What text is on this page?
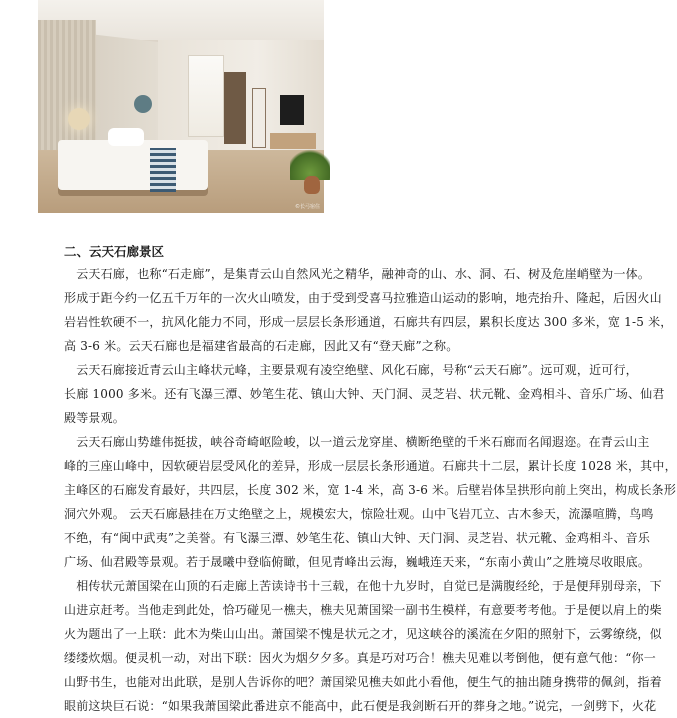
©长弓宿住
二、云天石廊景区

　云天石廊，也称“石走廊”，是集青云山自然风光之精华，融神奇的山、水、洞、石、树及危崖峭壁为一体。
形成于距今约一亿五千万年的一次火山喷发，由于受到受喜马拉雅造山运动的影响，地壳抬升、隆起，后因火山
岩岩性软硬不一，抗风化能力不同，形成一层层长条形通道，石廊共有四层，累积长度达 300 多米，宽 1-5 米，
高 3-6 米。云天石廊也是福建省最高的石走廊，因此又有“登天廊”之称。

　云天石廊接近青云山主峰状元峰，主要景观有凌空绝壁、风化石廊，号称“云天石廊”。远可观，近可行，
长廊 1000 多米。还有飞瀑三潭、妙笔生花、镇山大钟、天门洞、灵芝岩、状元靴、金鸡相斗、音乐广场、仙君
殿等景观。

　云天石廊山势雄伟挺拔，峡谷奇崎岖险峻，以一道云龙穿崖、横断绝壁的千米石廊而名闻遐迩。在青云山主
峰的三座山峰中，因软硬岩层受风化的差异，形成一层层长条形通道。石廊共十二层，累计长度 1028 米，其中，
主峰区的石廊发育最好，共四层，长度 302 米，宽 1-4 米，高 3-6 米。后壁岩体呈拱形向前上突出，构成长条形
洞穴外观。 云天石廊悬挂在万丈绝壁之上，规模宏大，惊险壮观。山中飞岩兀立、古木参天，流瀑喧腾，鸟鸣
不绝，有“闽中武夷”之美誉。有飞瀑三潭、妙笔生花、镇山大钟、天门洞、灵芝岩、状元靴、金鸡相斗、音乐
广场、仙君殿等景观。若于晟曦中登临俯瞰，但见青峰出云海，巍峨连天来，“东南小黄山”之胜境尽收眼底。

　相传状元萧国梁在山顶的石走廊上苦读诗书十三载，在他十九岁时，自觉已是满腹经纶，于是便拜别母亲，下
山进京赶考。当他走到此处，恰巧碰见一樵夫，樵夫见萧国梁一副书生模样，有意要考考他。于是便以肩上的柴
火为题出了一上联：此木为柴山山出。萧国梁不愧是状元之才，见这峡谷的溪流在夕阳的照射下，云雾缭绕，似
缕缕炊烟。便灵机一动，对出下联：因火为烟夕夕多。真是巧对巧合！樵夫见难以考倒他，便有意气他：“你一
山野书生，也能对出此联，是别人告诉你的吧？萧国梁见樵夫如此小看他，便生气的抽出随身携带的佩剑，指着
眼前这块巨石说：“如果我萧国梁此番进京不能高中，此石便是我剑断石开的葬身之地。”说完，一剑劈下，火花
